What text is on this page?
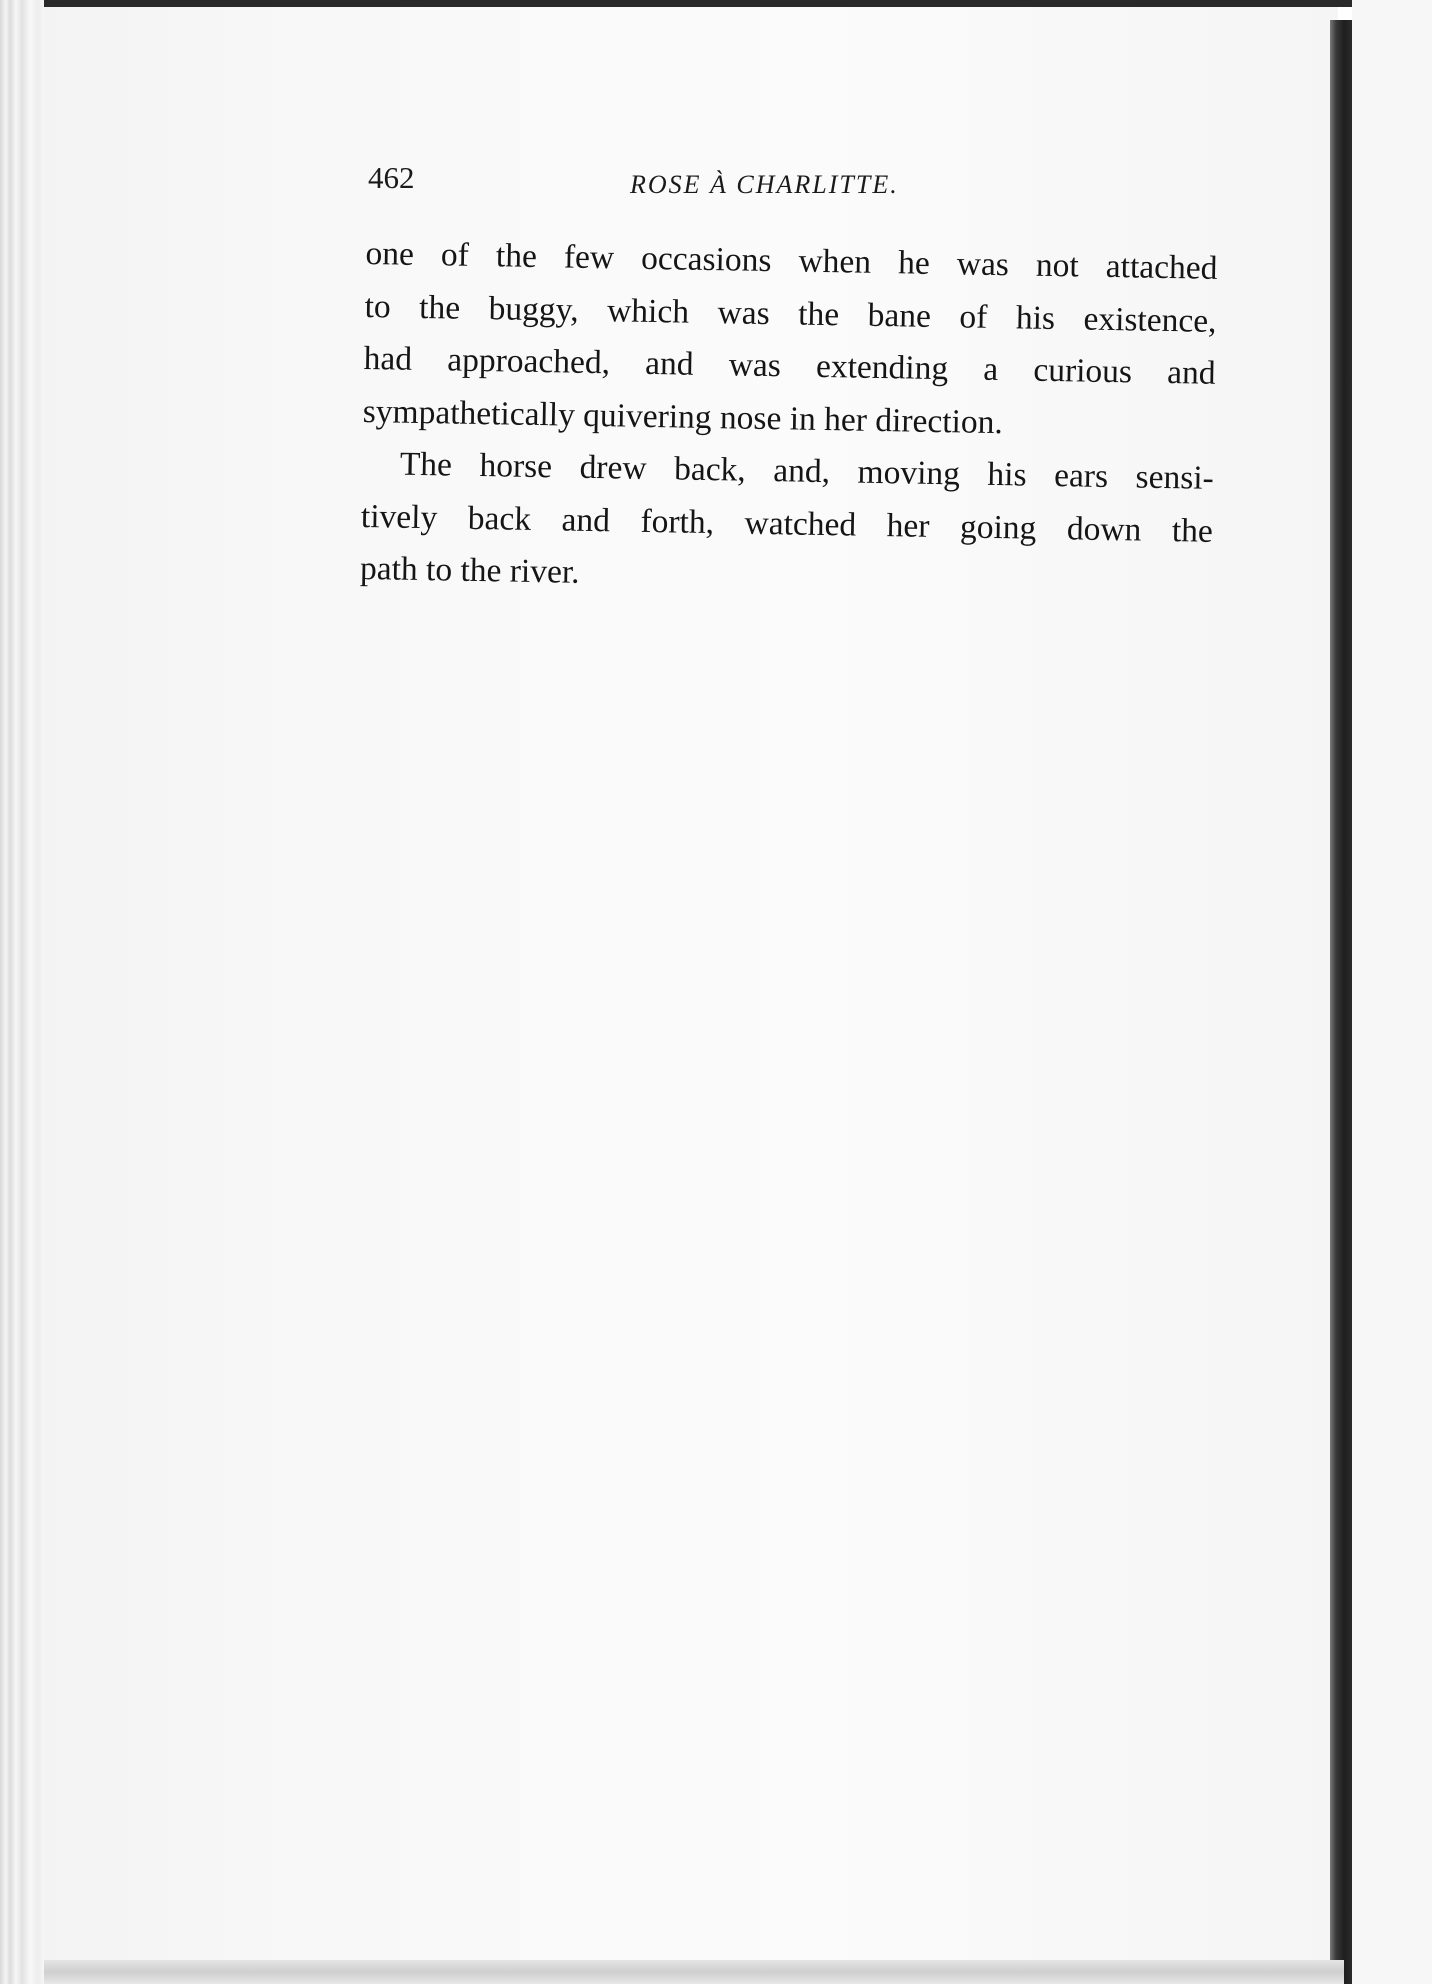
462	ROSE À CHARLITTE.
one of the few occasions when he was not attached
to the buggy, which was the bane of his existence,
had approached, and was extending a curious and
sympathetically quivering nose in her direction.
The horse drew back, and, moving his ears sensi-
tively back and forth, watched her going down the
path to the river.
